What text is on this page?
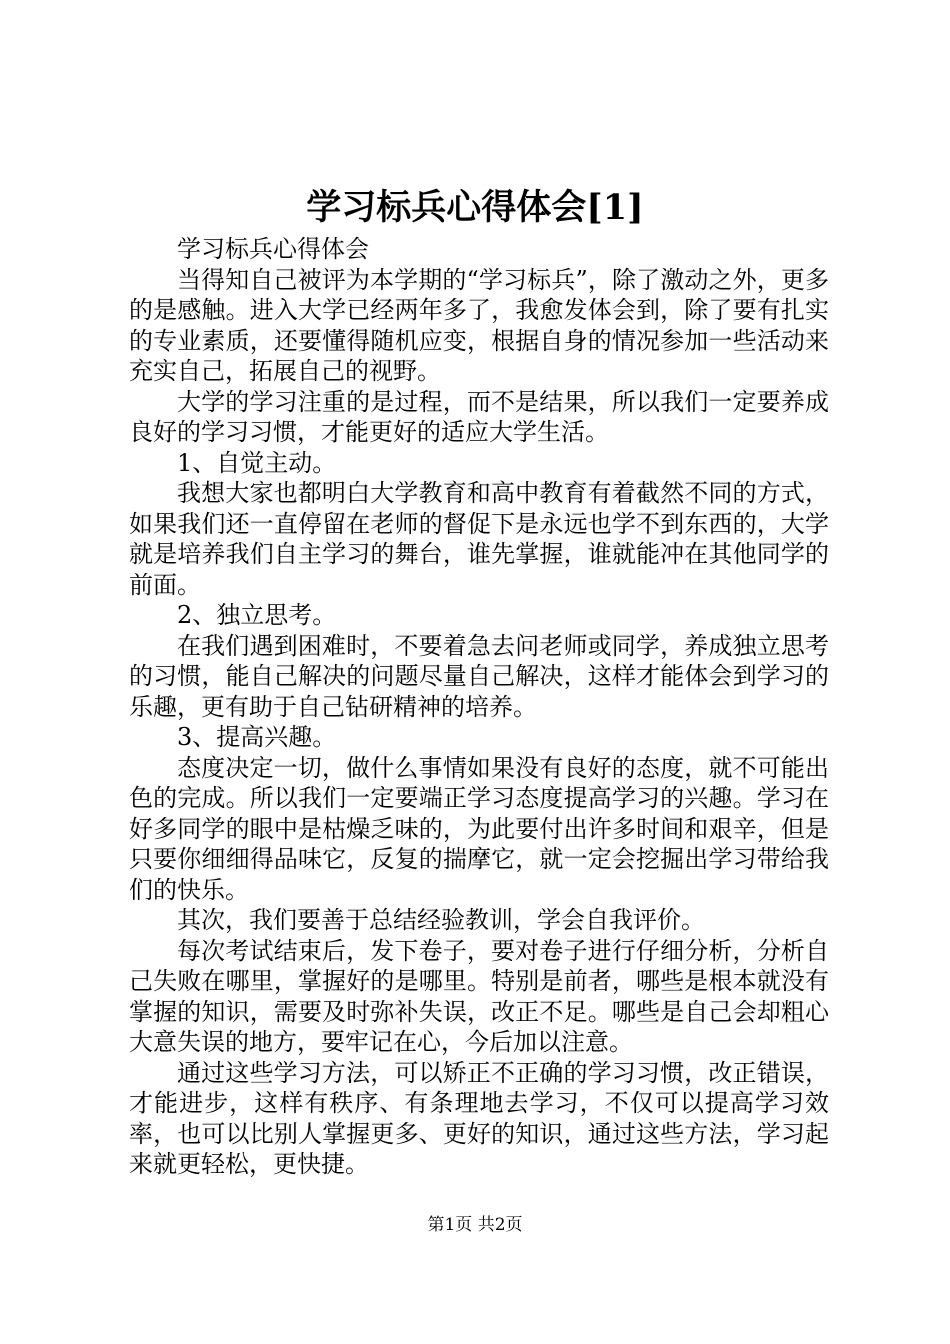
学习标兵心得体会[1]

学习标兵心得体会

当得知自己被评为本学期的“学习标兵”，除了激动之外，更多的是感触。进入大学已经两年多了，我愈发体会到，除了要有扎实的专业素质，还要懂得随机应变，根据自身的情况参加一些活动来充实自己，拓展自己的视野。

大学的学习注重的是过程，而不是结果，所以我们一定要养成良好的学习习惯，才能更好的适应大学生活。

1、自觉主动。

我想大家也都明白大学教育和高中教育有着截然不同的方式，如果我们还一直停留在老师的督促下是永远也学不到东西的，大学就是培养我们自主学习的舞台，谁先掌握，谁就能冲在其他同学的前面。

2、独立思考。

在我们遇到困难时，不要着急去问老师或同学，养成独立思考的习惯，能自己解决的问题尽量自己解决，这样才能体会到学习的乐趣，更有助于自己钻研精神的培养。

3、提高兴趣。

态度决定一切，做什么事情如果没有良好的态度，就不可能出色的完成。所以我们一定要端正学习态度提高学习的兴趣。学习在好多同学的眼中是枯燥乏味的，为此要付出许多时间和艰辛，但是只要你细细得品味它，反复的揣摩它，就一定会挖掘出学习带给我们的快乐。

其次，我们要善于总结经验教训，学会自我评价。

每次考试结束后，发下卷子，要对卷子进行仔细分析，分析自己失败在哪里，掌握好的是哪里。特别是前者，哪些是根本就没有掌握的知识，需要及时弥补失误，改正不足。哪些是自己会却粗心大意失误的地方，要牢记在心，今后加以注意。

通过这些学习方法，可以矫正不正确的学习习惯，改正错误，才能进步，这样有秩序、有条理地去学习，不仅可以提高学习效率，也可以比别人掌握更多、更好的知识，通过这些方法，学习起来就更轻松，更快捷。

第1页 共2页
